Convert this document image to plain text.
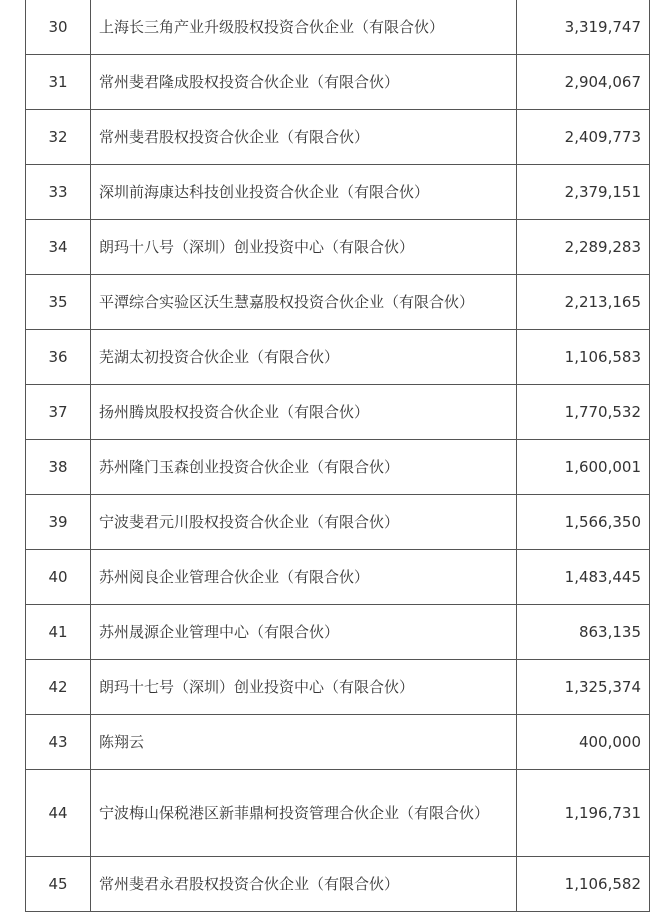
30	上海长三角产业升级股权投资合伙企业（有限合伙）	3,319,747
31	常州斐君隆成股权投资合伙企业（有限合伙）	2,904,067
32	常州斐君股权投资合伙企业（有限合伙）	2,409,773
33	深圳前海康达科技创业投资合伙企业（有限合伙）	2,379,151
34	朗玛十八号（深圳）创业投资中心（有限合伙）	2,289,283
35	平潭综合实验区沃生慧嘉股权投资合伙企业（有限合伙）	2,213,165
36	芜湖太初投资合伙企业（有限合伙）	1,106,583
37	扬州腾岚股权投资合伙企业（有限合伙）	1,770,532
38	苏州隆门玉森创业投资合伙企业（有限合伙）	1,600,001
39	宁波斐君元川股权投资合伙企业（有限合伙）	1,566,350
40	苏州阅良企业管理合伙企业（有限合伙）	1,483,445
41	苏州晟源企业管理中心（有限合伙）	863,135
42	朗玛十七号（深圳）创业投资中心（有限合伙）	1,325,374
43	陈翔云	400,000
44	宁波梅山保税港区新菲鼎柯投资管理合伙企业（有限合伙）	1,196,731
45	常州斐君永君股权投资合伙企业（有限合伙）	1,106,582
